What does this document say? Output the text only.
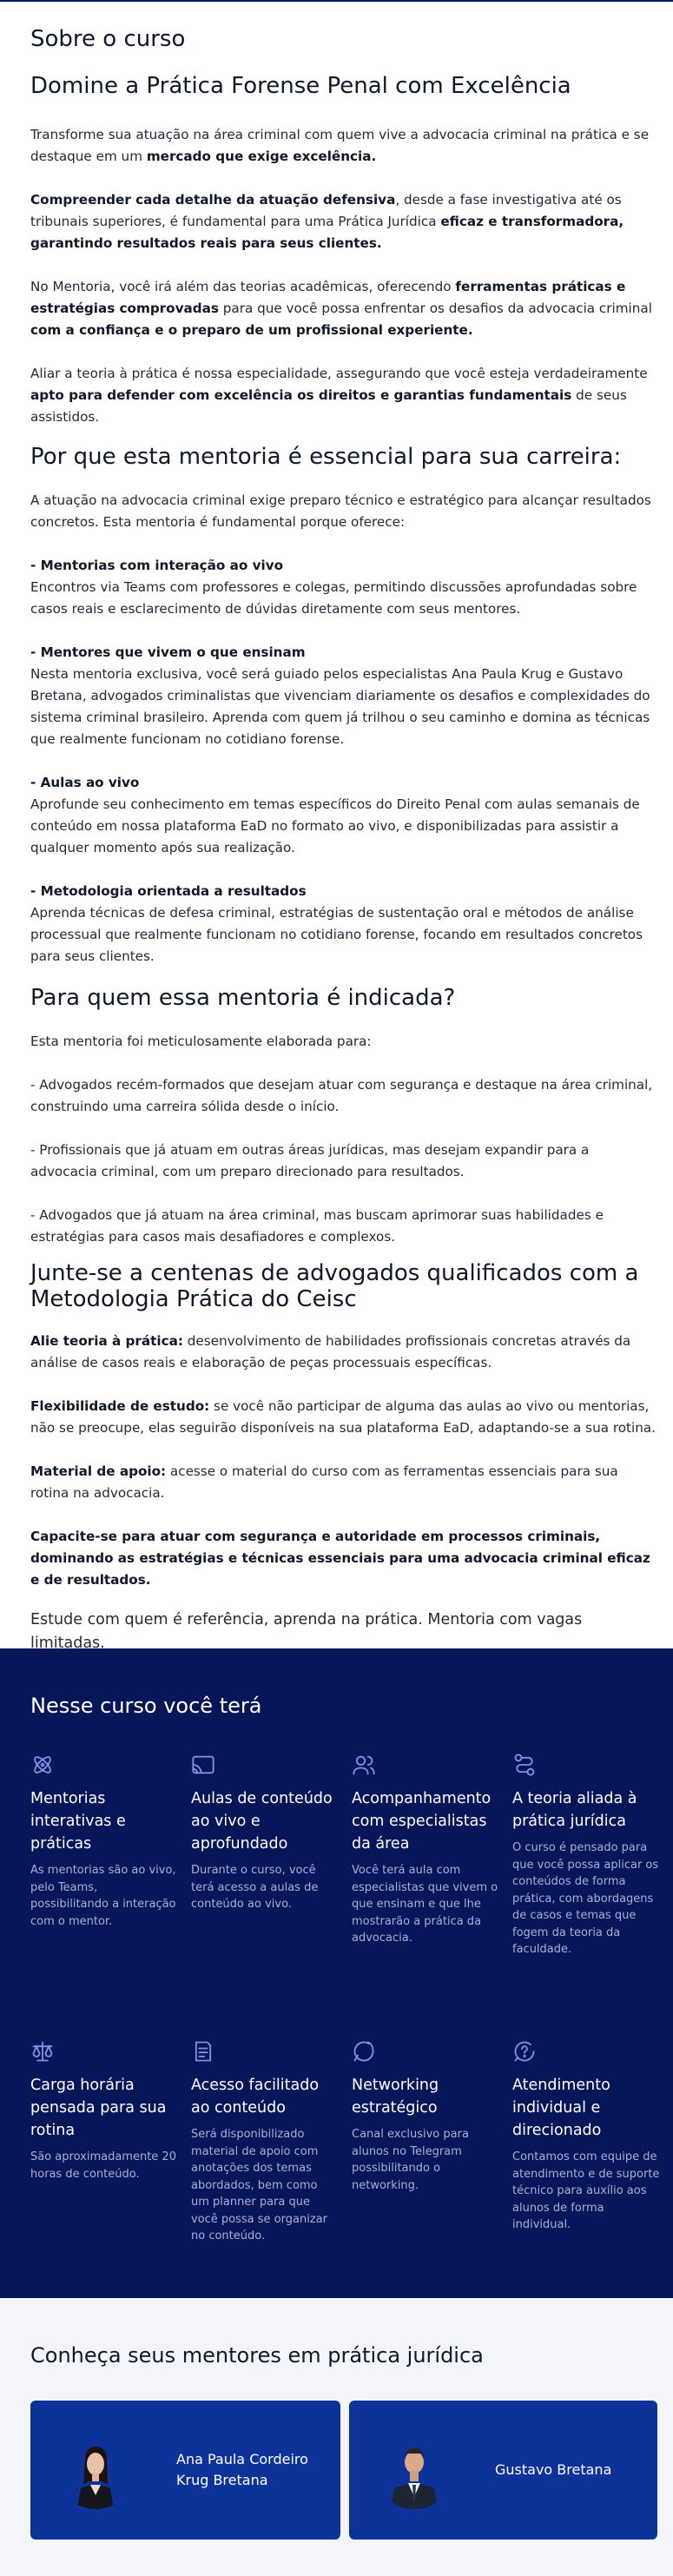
Sobre o curso
Domine a Prática Forense Penal com Excelência

Transforme sua atuação na área criminal com quem vive a advocacia criminal na prática e se destaque em um mercado que exige excelência.

Compreender cada detalhe da atuação defensiva, desde a fase investigativa até os tribunais superiores, é fundamental para uma Prática Jurídica eficaz e transformadora, garantindo resultados reais para seus clientes.

No Mentoria, você irá além das teorias acadêmicas, oferecendo ferramentas práticas e estratégias comprovadas para que você possa enfrentar os desafios da advocacia criminal com a confiança e o preparo de um profissional experiente.

Aliar a teoria à prática é nossa especialidade, assegurando que você esteja verdadeiramente apto para defender com excelência os direitos e garantias fundamentais de seus assistidos.

Por que esta mentoria é essencial para sua carreira:

A atuação na advocacia criminal exige preparo técnico e estratégico para alcançar resultados concretos. Esta mentoria é fundamental porque oferece:

- Mentorias com interação ao vivo

Encontros via Teams com professores e colegas, permitindo discussões aprofundadas sobre casos reais e esclarecimento de dúvidas diretamente com seus mentores.

- Mentores que vivem o que ensinam

Nesta mentoria exclusiva, você será guiado pelos especialistas Ana Paula Krug e Gustavo Bretana, advogados criminalistas que vivenciam diariamente os desafios e complexidades do sistema criminal brasileiro. Aprenda com quem já trilhou o seu caminho e domina as técnicas que realmente funcionam no cotidiano forense.

- Aulas ao vivo

Aprofunde seu conhecimento em temas específicos do Direito Penal com aulas semanais de conteúdo em nossa plataforma EaD no formato ao vivo, e disponibilizadas para assistir a qualquer momento após sua realização.

- Metodologia orientada a resultados

Aprenda técnicas de defesa criminal, estratégias de sustentação oral e métodos de análise processual que realmente funcionam no cotidiano forense, focando em resultados concretos para seus clientes.

Para quem essa mentoria é indicada?

Esta mentoria foi meticulosamente elaborada para:

- Advogados recém-formados que desejam atuar com segurança e destaque na área criminal, construindo uma carreira sólida desde o início.

- Profissionais que já atuam em outras áreas jurídicas, mas desejam expandir para a advocacia criminal, com um preparo direcionado para resultados.

- Advogados que já atuam na área criminal, mas buscam aprimorar suas habilidades e estratégias para casos mais desafiadores e complexos.

Junte-se a centenas de advogados qualificados com a Metodologia Prática do Ceisc

Alie teoria à prática: desenvolvimento de habilidades profissionais concretas através da análise de casos reais e elaboração de peças processuais específicas.

Flexibilidade de estudo: se você não participar de alguma das aulas ao vivo ou mentorias, não se preocupe, elas seguirão disponíveis na sua plataforma EaD, adaptando-se a sua rotina.

Material de apoio: acesse o material do curso com as ferramentas essenciais para sua rotina na advocacia.

Capacite-se para atuar com segurança e autoridade em processos criminais, dominando as estratégias e técnicas essenciais para uma advocacia criminal eficaz e de resultados.

Estude com quem é referência, aprenda na prática. Mentoria com vagas limitadas.

Nesse curso você terá
Mentorias interativas e práticas

As mentorias são ao vivo, pelo Teams, possibilitando a interação com o mentor.

Aulas de conteúdo ao vivo e aprofundado

Durante o curso, você terá acesso a aulas de conteúdo ao vivo.

Acompanhamento com especialistas da área

Você terá aula com especialistas que vivem o que ensinam e que lhe mostrarão a prática da advocacia.

A teoria aliada à prática jurídica

O curso é pensado para que você possa aplicar os conteúdos de forma prática, com abordagens de casos e temas que fogem da teoria da faculdade.

Carga horária pensada para sua rotina

São aproximadamente 20 horas de conteúdo.

Acesso facilitado ao conteúdo

Será disponibilizado material de apoio com anotações dos temas abordados, bem como um planner para que você possa se organizar no conteúdo.

Networking estratégico

Canal exclusivo para alunos no Telegram possibilitando o networking.

Atendimento individual e direcionado

Contamos com equipe de atendimento e de suporte técnico para auxílio aos alunos de forma individual.

Conheça seus mentores em prática jurídica
Ana Paula Cordeiro Krug Bretana
Gustavo Bretana
